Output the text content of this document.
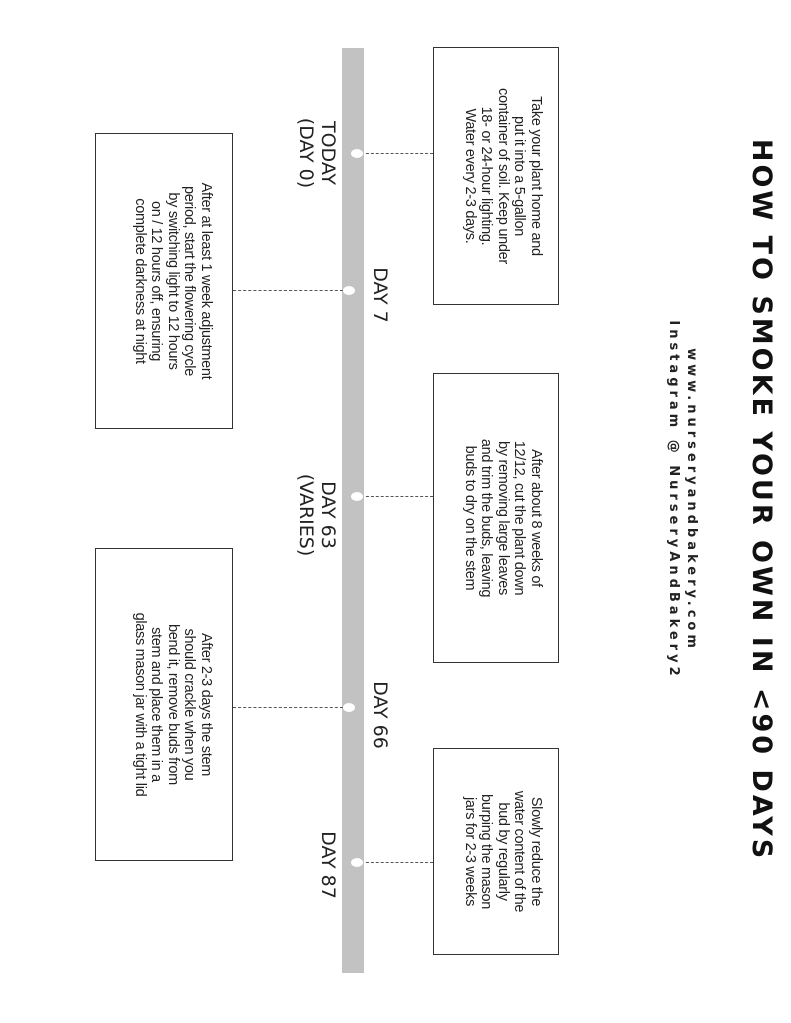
HOW TO SMOKE YOUR OWN IN <90 DAYS
www.nurseryandbakery.com
Instagram @ NurseryAndBakery2
Take your plant home and
put it into a 5-gallon
container of soil. Keep under
18- or 24-hour lighting.
Water every 2-3 days.
After about 8 weeks of
12/12, cut the plant down
by removing large leaves
and trim the buds, leaving
buds to dry on the stem
Slowly reduce the
water content of the
bud by regularly
burping the mason
jars for 2-3 weeks
TODAY
(DAY 0)
DAY 7
DAY 63
(VARIES)
DAY 66
DAY 87
After at least 1 week adjustment
period, start the flowering cycle
by switching light to 12 hours
on / 12 hours off, ensuring
complete darkness at night
After 2-3 days the stem
should crackle when you
bend it, remove buds from
stem and place them in a
glass mason jar with a tight lid
